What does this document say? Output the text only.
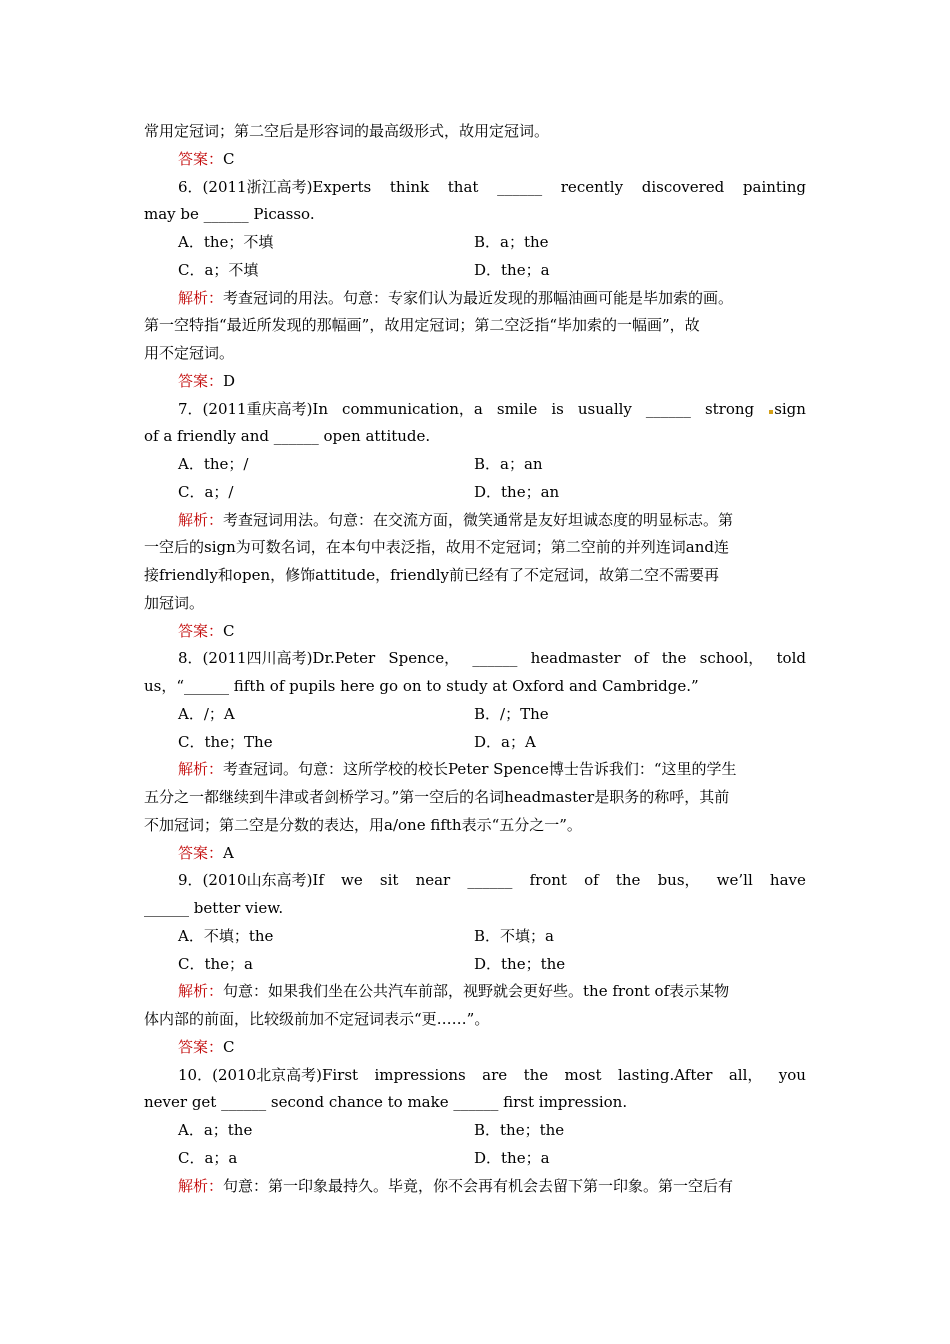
常用定冠词；第二空后是形容词的最高级形式，故用定冠词。
答案：C
6．(2011浙江高考)Experts think that ______ recently discovered painting
may be ______ Picasso.
A．the；不填	B．a；the
C．a；不填	D．the；a
解析：考查冠词的用法。句意：专家们认为最近发现的那幅油画可能是毕加索的画。
第一空特指“最近所发现的那幅画”，故用定冠词；第二空泛指“毕加索的一幅画”，故
用不定冠词。
答案：D
7．(2011重庆高考)In communication，a smile is usually ______ strong	sign
of a friendly and ______ open attitude.
A．the；/	B．a；an
C．a；/	D．the；an
解析：考查冠词用法。句意：在交流方面，微笑通常是友好坦诚态度的明显标志。第
一空后的sign为可数名词，在本句中表泛指，故用不定冠词；第二空前的并列连词and连
接friendly和open，修饰attitude，friendly前已经有了不定冠词，故第二空不需要再
加冠词。
答案：C
8．(2011四川高考)Dr.Peter Spence， ______ headmaster of the school， told
us，“______ fifth of pupils here go on to study at Oxford and Cambridge.”
A．/；A	B．/；The
C．the；The	D．a；A
解析：考查冠词。句意：这所学校的校长Peter Spence博士告诉我们：“这里的学生
五分之一都继续到牛津或者剑桥学习。”第一空后的名词headmaster是职务的称呼，其前
不加冠词；第二空是分数的表达，用a/one fifth表示“五分之一”。
答案：A
9．(2010山东高考)If we sit near ______ front of the bus， we’ll have
______ better view.
A．不填；the	B．不填；a
C．the；a	D．the；the
解析：句意：如果我们坐在公共汽车前部，视野就会更好些。the front of表示某物
体内部的前面，比较级前加不定冠词表示“更……”。
答案：C
10．(2010北京高考)First impressions are the most lasting.After all， you
never get ______ second chance to make ______ first impression.
A．a；the	B．the；the
C．a；a	D．the；a
解析：句意：第一印象最持久。毕竟，你不会再有机会去留下第一印象。第一空后有
